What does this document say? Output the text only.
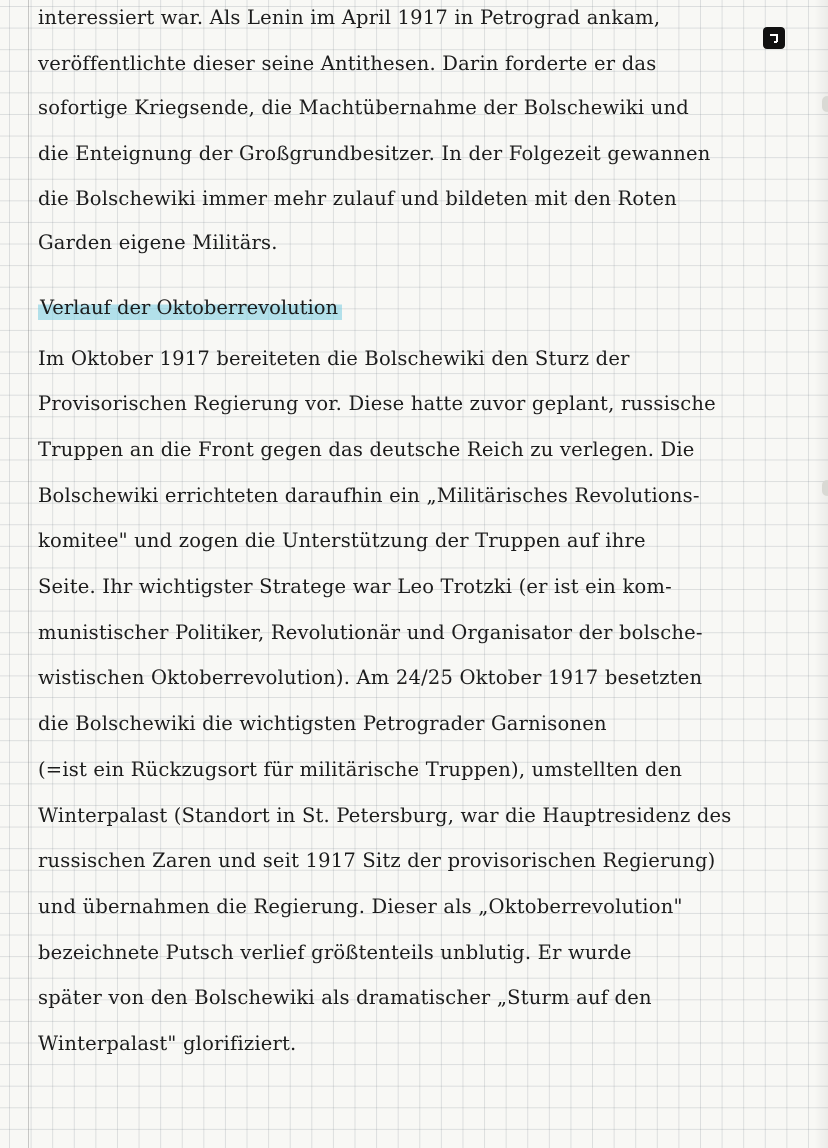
interessiert war. Als Lenin im April 1917 in Petrograd ankam,
veröffentlichte dieser seine Antithesen. Darin forderte er das
sofortige Kriegsende, die Machtübernahme der Bolschewiki und
die Enteignung der Großgrundbesitzer. In der Folgezeit gewannen
die Bolschewiki immer mehr zulauf und bildeten mit den Roten
Garden eigene Militärs.
Verlauf der Oktoberrevolution
Im Oktober 1917 bereiteten die Bolschewiki den Sturz der
Provisorischen Regierung vor. Diese hatte zuvor geplant, russische
Truppen an die Front gegen das deutsche Reich zu verlegen. Die
Bolschewiki errichteten daraufhin ein „Militärisches Revolutions-
komitee" und zogen die Unterstützung der Truppen auf ihre
Seite. Ihr wichtigster Stratege war Leo Trotzki (er ist ein kom-
munistischer Politiker, Revolutionär und Organisator der bolsche-
wistischen Oktoberrevolution). Am 24/25 Oktober 1917 besetzten
die Bolschewiki die wichtigsten Petrograder Garnisonen
(=ist ein Rückzugsort für militärische Truppen), umstellten den
Winterpalast (Standort in St. Petersburg, war die Hauptresidenz des
russischen Zaren und seit 1917 Sitz der provisorischen Regierung)
und übernahmen die Regierung. Dieser als „Oktoberrevolution"
bezeichnete Putsch verlief größtenteils unblutig. Er wurde
später von den Bolschewiki als dramatischer „Sturm auf den
Winterpalast" glorifiziert.
